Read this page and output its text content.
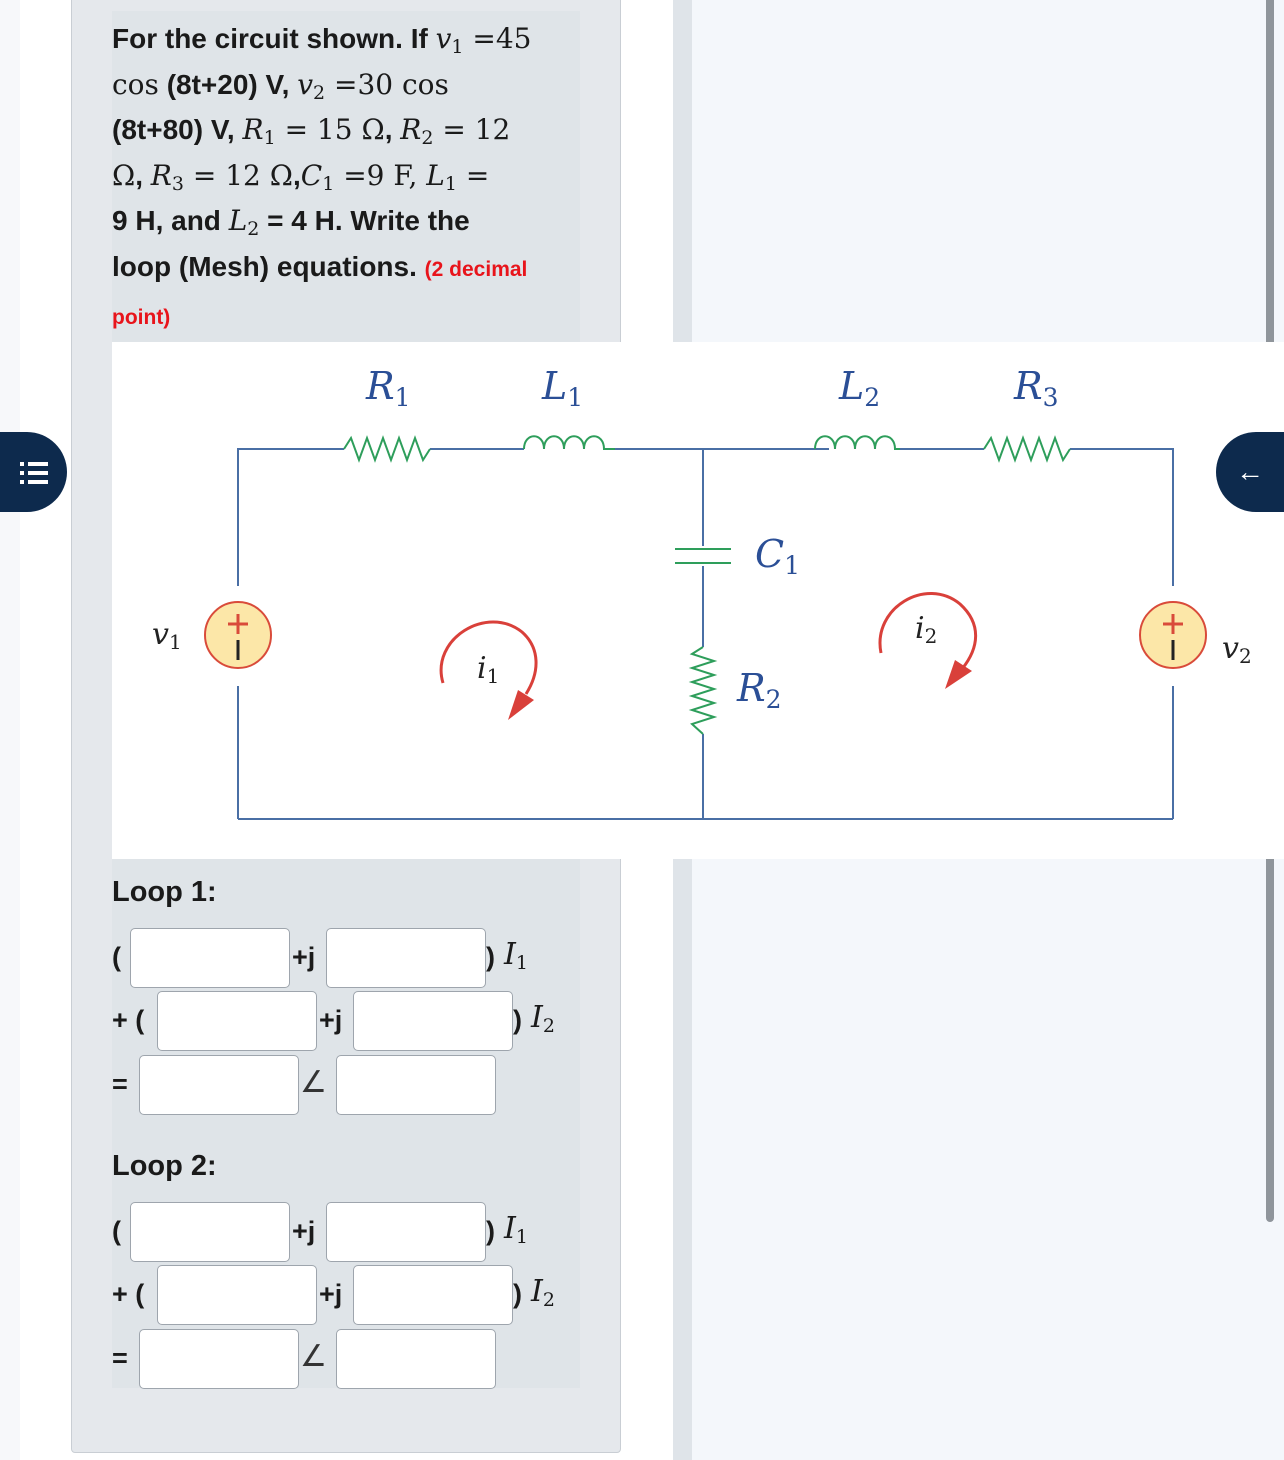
For the circuit shown. If $v_1 =45$
cos (8t+20) V, $v_2 =30$ cos
(8t+80) V, $R_1 = 15$ Ω, $R_2 = 12$
Ω, $R_3 = 12$ $\Omega,C_1 =9$ F, $L_1$ =
9 H, and $L_2 = 4$ H. Write the
loop (Mesh) equations. (2 decimal
point)
$R_1$	$L_1$	$L_2$	$R_3$
$C_1$
$R_2$
$v_1$	$v_2$
$i_1$
$i_2$
Loop 1:
(	+j	) $I_1$
+ (	+j	) $I_2$
=	∠
Loop 2:
(	+j	) $I_1$
+ (	+j	) $I_2$
=	∠
←
